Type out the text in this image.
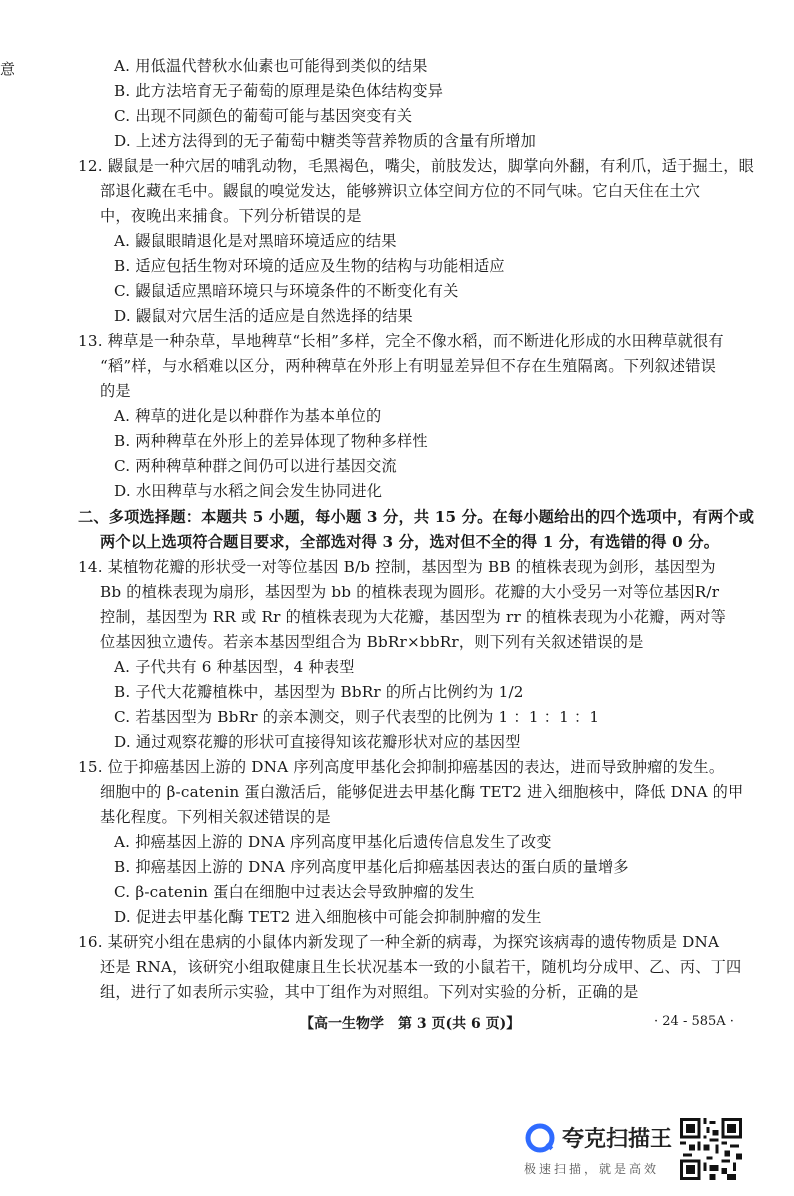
意	A. 用低温代替秋水仙素也可能得到类似的结果
B. 此方法培育无子葡萄的原理是染色体结构变异
C. 出现不同颜色的葡萄可能与基因突变有关
D. 上述方法得到的无子葡萄中糖类等营养物质的含量有所增加
12. 鼹鼠是一种穴居的哺乳动物，毛黑褐色，嘴尖，前肢发达，脚掌向外翻，有利爪，适于掘土，眼
部退化藏在毛中。鼹鼠的嗅觉发达，能够辨识立体空间方位的不同气味。它白天住在土穴
中，夜晚出来捕食。下列分析错误的是
A. 鼹鼠眼睛退化是对黑暗环境适应的结果
B. 适应包括生物对环境的适应及生物的结构与功能相适应
C. 鼹鼠适应黑暗环境只与环境条件的不断变化有关
D. 鼹鼠对穴居生活的适应是自然选择的结果
13. 稗草是一种杂草，旱地稗草“长相”多样，完全不像水稻，而不断进化形成的水田稗草就很有
“稻”样，与水稻难以区分，两种稗草在外形上有明显差异但不存在生殖隔离。下列叙述错误
的是
A. 稗草的进化是以种群作为基本单位的
B. 两种稗草在外形上的差异体现了物种多样性
C. 两种稗草种群之间仍可以进行基因交流
D. 水田稗草与水稻之间会发生协同进化
二、多项选择题：本题共 5 小题，每小题 3 分，共 15 分。在每小题给出的四个选项中，有两个或
两个以上选项符合题目要求，全部选对得 3 分，选对但不全的得 1 分，有选错的得 0 分。
14. 某植物花瓣的形状受一对等位基因 B/b 控制，基因型为 BB 的植株表现为剑形，基因型为
Bb 的植株表现为扇形，基因型为 bb 的植株表现为圆形。花瓣的大小受另一对等位基因R/r
控制，基因型为 RR 或 Rr 的植株表现为大花瓣，基因型为 rr 的植株表现为小花瓣，两对等
位基因独立遗传。若亲本基因型组合为 BbRr×bbRr，则下列有关叙述错误的是
A. 子代共有 6 种基因型，4 种表型
B. 子代大花瓣植株中，基因型为 BbRr 的所占比例约为 1/2
C. 若基因型为 BbRr 的亲本测交，则子代表型的比例为 1 ：1 ：1 ：1
D. 通过观察花瓣的形状可直接得知该花瓣形状对应的基因型
15. 位于抑癌基因上游的 DNA 序列高度甲基化会抑制抑癌基因的表达，进而导致肿瘤的发生。
细胞中的 β-catenin 蛋白激活后，能够促进去甲基化酶 TET2 进入细胞核中，降低 DNA 的甲
基化程度。下列相关叙述错误的是
A. 抑癌基因上游的 DNA 序列高度甲基化后遗传信息发生了改变
B. 抑癌基因上游的 DNA 序列高度甲基化后抑癌基因表达的蛋白质的量增多
C. β-catenin 蛋白在细胞中过表达会导致肿瘤的发生
D. 促进去甲基化酶 TET2 进入细胞核中可能会抑制肿瘤的发生
16. 某研究小组在患病的小鼠体内新发现了一种全新的病毒，为探究该病毒的遗传物质是 DNA
还是 RNA，该研究小组取健康且生长状况基本一致的小鼠若干，随机均分成甲、乙、丙、丁四
组，进行了如表所示实验，其中丁组作为对照组。下列对实验的分析，正确的是
【高一生物学　第 3 页(共 6 页)】	· 24 - 585A ·
夸克扫描王
极速扫描，就是高效
